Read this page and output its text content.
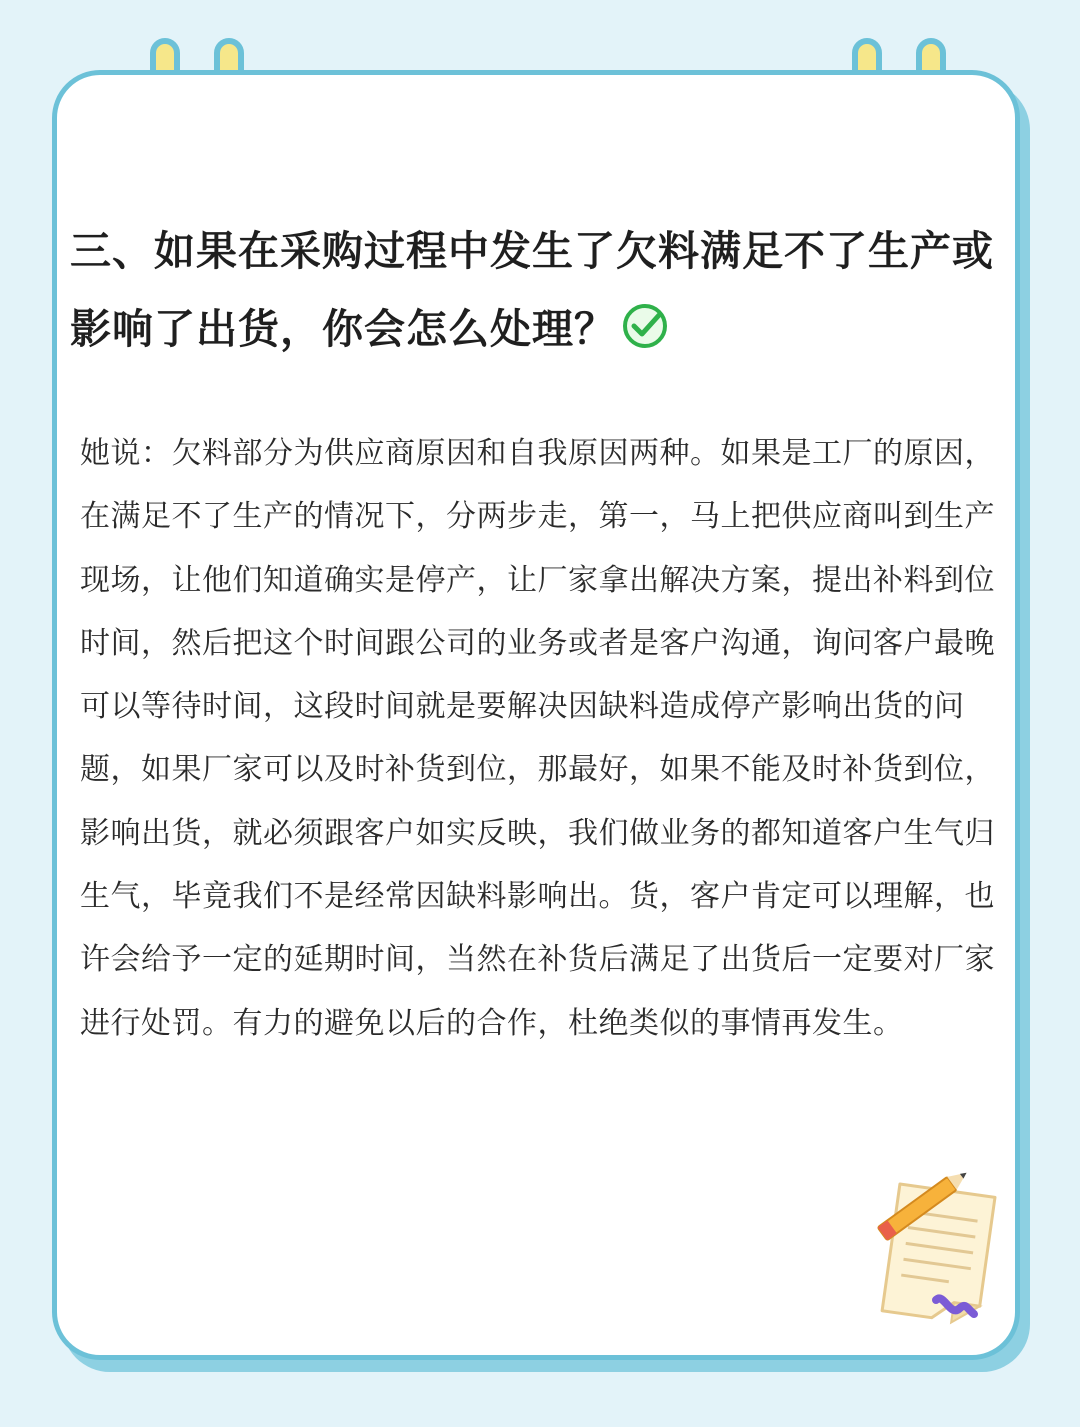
三、如果在采购过程中发生了欠料满足不了生产或影响了出货，你会怎么处理？

她说：欠料部分为供应商原因和自我原因两种。如果是工厂的原因，在满足不了生产的情况下，分两步走，第一，马上把供应商叫到生产现场，让他们知道确实是停产，让厂家拿出解决方案，提出补料到位时间，然后把这个时间跟公司的业务或者是客户沟通，询问客户最晚可以等待时间，这段时间就是要解决因缺料造成停产影响出货的问题，如果厂家可以及时补货到位，那最好，如果不能及时补货到位，影响出货，就必须跟客户如实反映，我们做业务的都知道客户生气归生气，毕竟我们不是经常因缺料影响出。货，客户肯定可以理解，也许会给予一定的延期时间，当然在补货后满足了出货后一定要对厂家进行处罚。有力的避免以后的合作，杜绝类似的事情再发生。
